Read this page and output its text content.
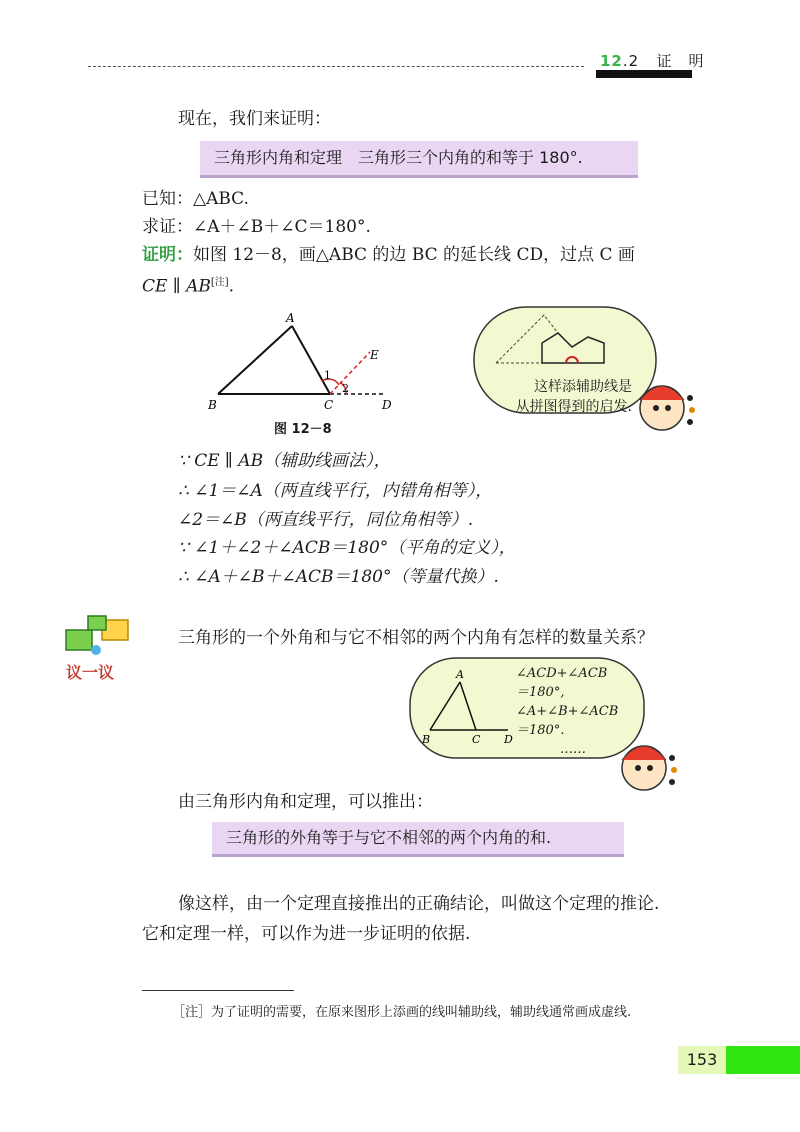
12.2 证　明
现在，我们来证明：
三角形内角和定理　三角形三个内角的和等于 180°.
已知：△ABC.
求证：∠A＋∠B＋∠C＝180°.
证明：如图 12－8，画△ABC 的边 BC 的延长线 CD，过点 C 画
CE ∥ AB[注].
A
B	C	D
E
1
2
图 12－8
这样添辅助线是
从拼图得到的启发.
∵ CE ∥ AB（辅助线画法），
∴ ∠1＝∠A（两直线平行，内错角相等），
∠2＝∠B（两直线平行，同位角相等）.
∵ ∠1＋∠2＋∠ACB＝180°（平角的定义），
∴ ∠A＋∠B＋∠ACB＝180°（等量代换）.
议一议
三角形的一个外角和与它不相邻的两个内角有怎样的数量关系？
A
B	C D
∠ACD+∠ACB
＝180°,
∠A+∠B+∠ACB
＝180°.
……
由三角形内角和定理，可以推出：
三角形的外角等于与它不相邻的两个内角的和.
像这样，由一个定理直接推出的正确结论，叫做这个定理的推论.
它和定理一样，可以作为进一步证明的依据.
［注］为了证明的需要，在原来图形上添画的线叫辅助线，辅助线通常画成虚线.
153
